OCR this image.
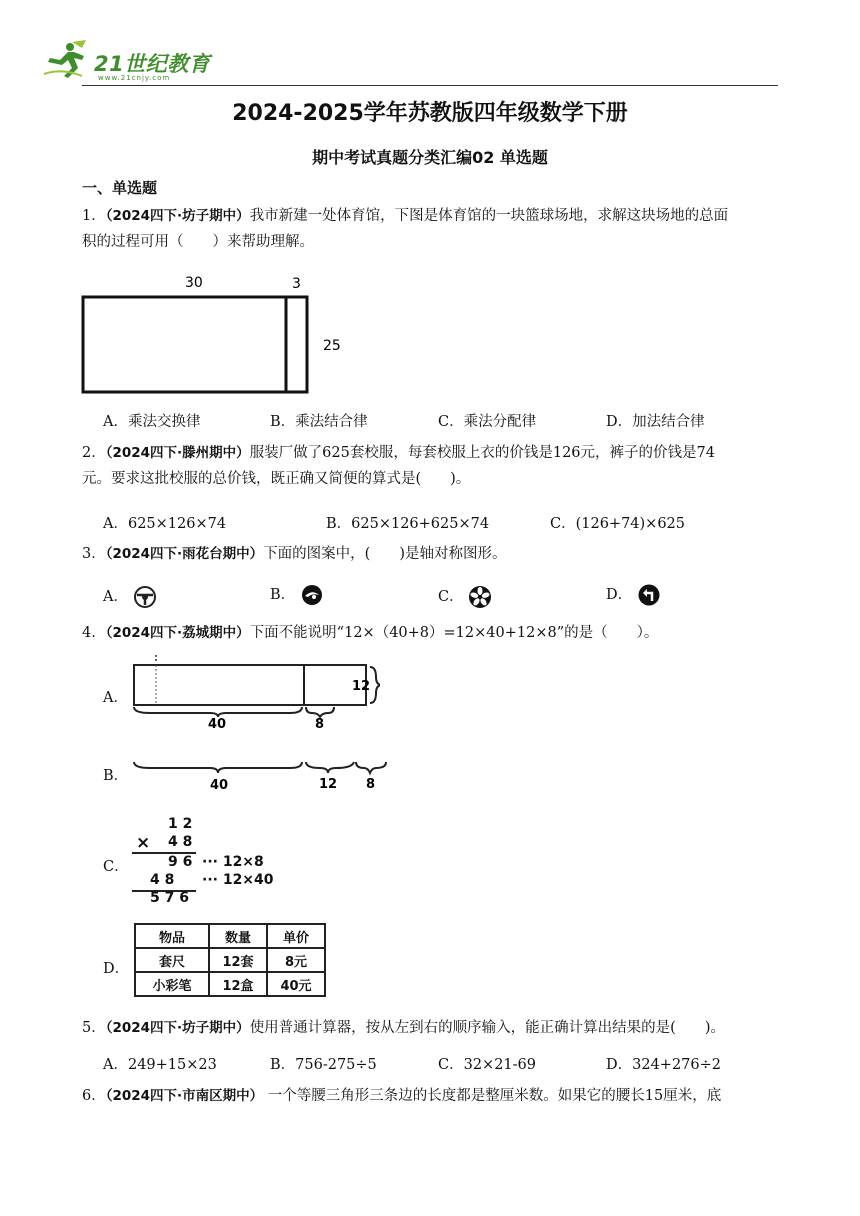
21世纪教育
www.21cnjy.com
2024-2025学年苏教版四年级数学下册
期中考试真题分类汇编02 单选题
一、单选题
1．（2024四下·坊子期中）我市新建一处体育馆，下图是体育馆的一块篮球场地，求解这块场地的总面
积的过程可用（　　）来帮助理解。
30	3
25
A．乘法交换律	B．乘法结合律	C．乘法分配律	D．加法结合律
2．（2024四下·滕州期中）服装厂做了625套校服，每套校服上衣的价钱是126元，裤子的价钱是74
元。要求这批校服的总价钱，既正确又简便的算式是(　　)。
A．625×126×74	B．625×126+625×74	C．(126+74)×625
3．（2024四下·雨花台期中）下面的图案中，(　　)是轴对称图形。
A．	B．	C．	D．
4．（2024四下·荔城期中）下面不能说明“12×（40+8）=12×40+12×8”的是（　　）。
A．
40	8
12
B．
40	12 8
C．
1 2
× 4 8
9 6 ··· 12×8
4 8 ··· 12×40
5 7 6
D．
物品	数量	单价
套尺	12套	8元
小彩笔	12盒	40元
5．（2024四下·坊子期中）使用普通计算器，按从左到右的顺序输入，能正确计算出结果的是(　　)。
A．249+15×23	B．756-275÷5	C．32×21-69	D．324+276÷2
6．（2024四下·市南区期中） 一个等腰三角形三条边的长度都是整厘米数。如果它的腰长15厘米，底
